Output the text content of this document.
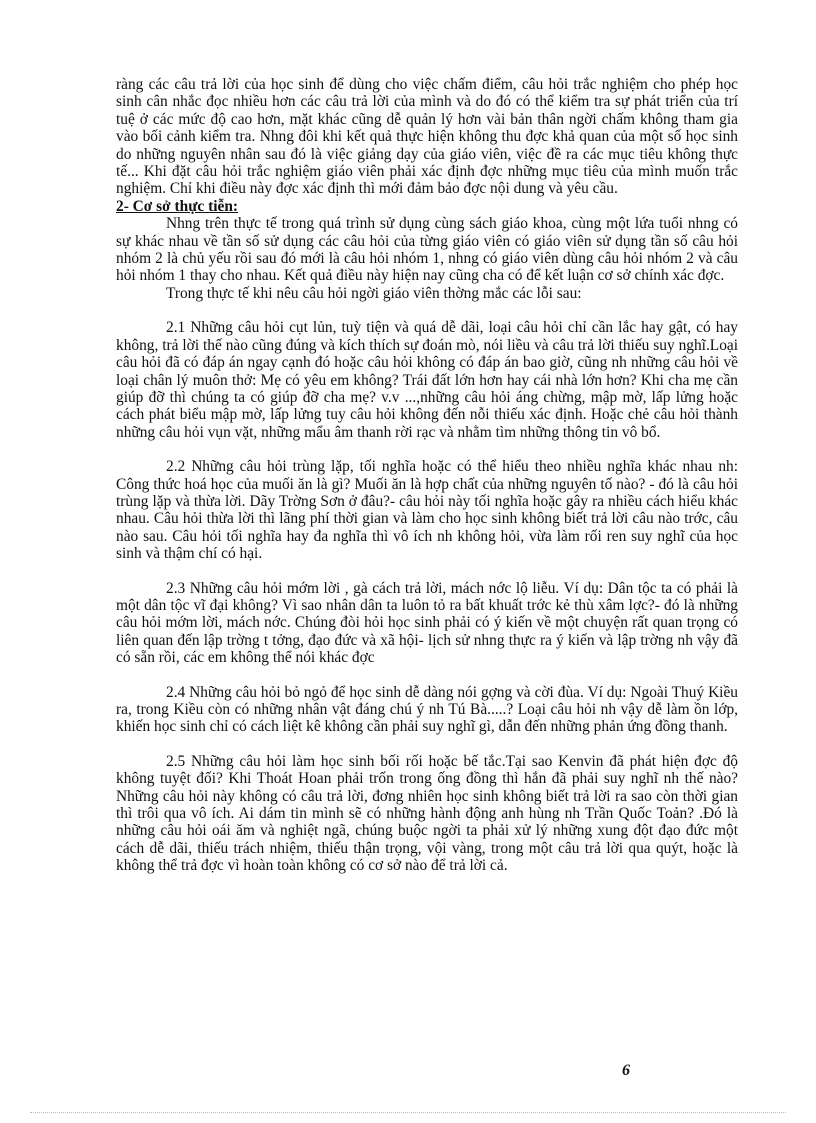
ràng các câu trả lời của học sinh để dùng cho việc chấm điểm, câu hỏi trắc nghiệm cho phép học sinh cân nhắc đọc nhiều hơn các câu trả lời của mình và do đó có thể kiểm tra sự phát triển của trí tuệ ở các mức độ cao hơn, mặt khác cũng dễ quản lý hơn vài bản thân ngời chấm không tham gia vào bối cảnh kiểm tra. Nhng đôi khi kết quả thực hiện không thu đợc khả quan của một số học sinh do những nguyên nhân sau đó là việc giảng dạy của giáo viên, việc đề ra các mục tiêu không thực tế... Khi đặt câu hỏi trắc nghiệm giáo viên phải xác định đợc những mục tiêu của mình muốn trắc nghiệm. Chỉ khi điều này đợc xác định thì mới đảm bảo đợc nội dung và yêu cầu.

2- Cơ sở thực tiễn:

Nhng trên thực tế trong quá trình sử dụng cùng sách giáo khoa, cùng một lứa tuổi nhng có sự khác nhau về tần số sử dụng các câu hỏi của từng giáo viên có giáo viên sử dụng tần số câu hỏi nhóm 2 là chủ yếu rồi sau đó mới là câu hỏi nhóm 1, nhng có giáo viên dùng câu hỏi nhóm 2 và câu hỏi nhóm 1 thay cho nhau. Kết quả điều này hiện nay cũng cha có để kết luận cơ sở chính xác đợc.

Trong thực tế khi nêu câu hỏi ngời giáo viên thờng mắc các lỗi sau:

2.1 Những câu hỏi cụt lủn, tuỳ tiện và quá dễ dãi, loại câu hỏi chỉ cần lắc hay gật, có hay không, trả lời thế nào cũng đúng và kích thích sự đoán mò, nói liều và câu trả lời thiếu suy nghĩ.Loại câu hỏi đã có đáp án ngay cạnh đó hoặc câu hỏi không có đáp án bao giờ, cũng nh những câu hỏi về loại chân lý muôn thở: Mẹ có yêu em không? Trái đất lớn hơn hay cái nhà lớn hơn? Khi cha mẹ cần giúp đỡ thì chúng ta có giúp đỡ cha mẹ? v.v ...,những câu hỏi áng chừng, mập mờ, lấp lửng hoặc cách phát biểu mập mờ, lấp lửng tuy câu hỏi không đến nỗi thiếu xác định. Hoặc chẻ câu hỏi thành những câu hỏi vụn vặt, những mẩu âm thanh rời rạc và nhằm tìm những thông tin vô bổ.

2.2 Những câu hỏi trùng lặp, tối nghĩa hoặc có thể hiểu theo nhiều nghĩa khác nhau nh: Công thức hoá học của muối ăn là gì? Muối ăn là hợp chất của những nguyên tố nào? - đó là câu hỏi trùng lặp và thừa lời. Dãy Trờng Sơn ở đâu?- câu hỏi này tối nghĩa hoặc gây ra nhiều cách hiểu khác nhau. Câu hỏi thừa lời thì lãng phí thời gian và làm cho học sinh không biết trả lời câu nào trớc, câu nào sau. Câu hỏi tối nghĩa hay đa nghĩa thì vô ích nh không hỏi, vừa làm rối ren suy nghĩ của học sinh và thậm chí có hại.

2.3 Những câu hỏi mớm lời , gà cách trả lời, mách nớc lộ liễu. Ví dụ: Dân tộc ta có phải là một dân tộc vĩ đại không? Vì sao nhân dân ta luôn tỏ ra bất khuất trớc kẻ thù xâm lợc?- đó là những câu hỏi mớm lời, mách nớc. Chúng đòi hỏi học sinh phải có ý kiến về một chuyện rất quan trọng có liên quan đến lập trờng t tởng, đạo đức và xã hội- lịch sử nhng thực ra ý kiến và lập trờng nh vậy đã có sẵn rồi, các em không thể nói khác đợc

2.4 Những câu hỏi bỏ ngỏ để học sinh dễ dàng nói gợng và cời đùa. Ví dụ: Ngoài Thuý Kiều ra, trong Kiều còn có những nhân vật đáng chú ý nh Tú Bà.....? Loại câu hỏi nh vậy dễ làm ồn lớp, khiến học sinh chỉ có cách liệt kê không cần phải suy nghĩ gì, dẫn đến những phản ứng đồng thanh.

2.5 Những câu hỏi làm học sinh bối rối hoặc bế tắc.Tại sao Kenvin đã phát hiện đợc độ không tuyệt đối? Khi Thoát Hoan phải trốn trong ống đồng thì hắn đã phải suy nghĩ nh thế nào? Những câu hỏi này không có câu trả lời, đơng nhiên học sinh không biết trả lời ra sao còn thời gian thì trôi qua vô ích. Ai dám tin mình sẽ có những hành động anh hùng nh Trần Quốc Toản? .Đó là những câu hỏi oái ăm và nghiệt ngã, chúng buộc ngời ta phải xử lý những xung đột đạo đức một cách dễ dãi, thiếu trách nhiệm, thiếu thận trọng, vội vàng, trong một câu trả lời qua quýt, hoặc là không thể trả đợc vì hoàn toàn không có cơ sở nào để trả lời cả.

6
